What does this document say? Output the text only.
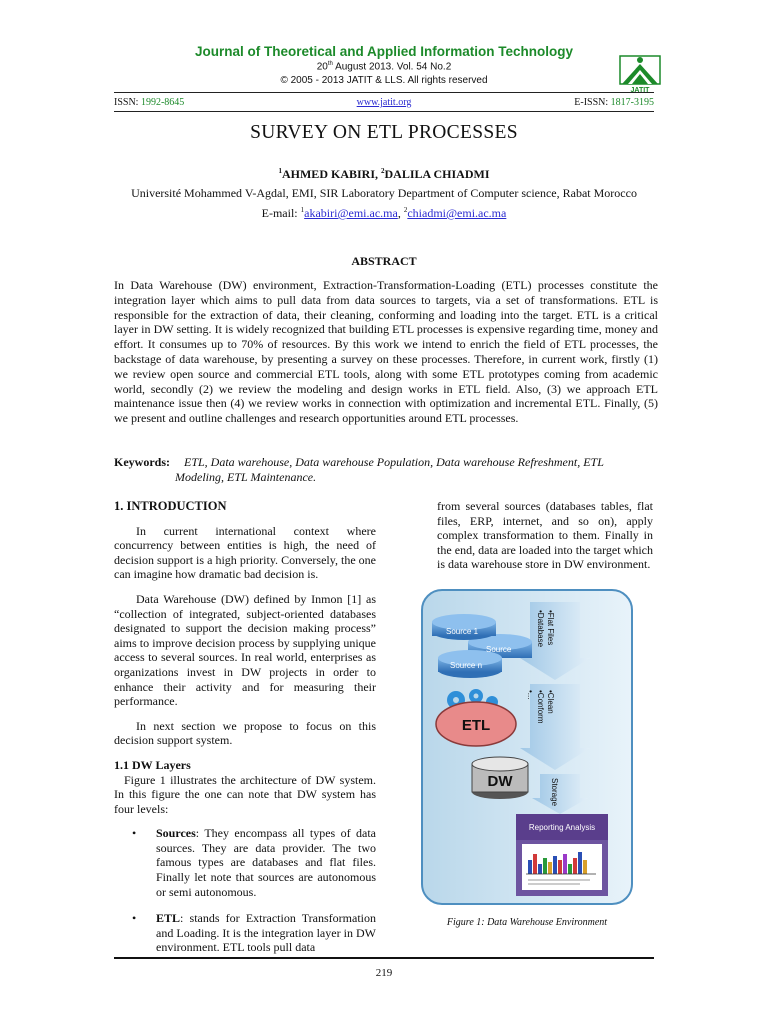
Journal of Theoretical and Applied Information Technology
20th August 2013. Vol. 54 No.2
© 2005 - 2013 JATIT & LLS. All rights reserved
JATIT
ISSN: 1992-8645	www.jatit.org	E-ISSN: 1817-3195
SURVEY ON ETL PROCESSES
$^1$AHMED KABIRI, $^2$DALILA CHIADMI
Université Mohammed V-Agdal, EMI, SIR Laboratory Department of Computer science, Rabat Morocco
E-mail: $^1$akabiri@emi.ac.ma, $^2$chiadmi@emi.ac.ma
ABSTRACT
In Data Warehouse (DW) environment, Extraction-Transformation-Loading (ETL) processes constitute the integration layer which aims to pull data from data sources to targets, via a set of transformations. ETL is responsible for the extraction of data, their cleaning, conforming and loading into the target. ETL is a critical layer in DW setting. It is widely recognized that building ETL processes is expensive regarding time, money and effort. It consumes up to 70% of resources. By this work we intend to enrich the field of ETL processes, the backstage of data warehouse, by presenting a survey on these processes. Therefore, in current work, firstly (1) we review open source and commercial ETL tools, along with some ETL prototypes coming from academic world, secondly (2) we review the modeling and design works in ETL field. Also, (3) we approach ETL maintenance issue then (4) we review works in connection with optimization and incremental ETL. Finally, (5) we present and outline challenges and research opportunities around ETL processes.
Keywords: ETL, Data warehouse, Data warehouse Population, Data warehouse Refreshment, ETL
Modeling, ETL Maintenance.
1. INTRODUCTION

In current international context where concurrency between entities is high, the need of decision support is a high priority. Conversely, the one can imagine how dramatic bad decision is.

Data Warehouse (DW) defined by Inmon [1] as “collection of integrated, subject-oriented databases designated to support the decision making process” aims to improve decision process by supplying unique access to several sources. In real world, enterprises as organizations invest in DW projects in order to enhance their activity and for measuring their performance.

In next section we propose to focus on this decision support system.

1.1 DW Layers

Figure 1 illustrates the architecture of DW system. In this figure the one can note that DW system has four levels:

•	Sources: They encompass all types of data sources. They are data provider. The two famous types are databases and flat files. Finally let note that sources are autonomous or semi autonomous.
•	ETL: stands for Extraction Transformation and Loading. It is the integration layer in DW environment. ETL tools pull data
from several sources (databases tables, flat files, ERP, internet, and so on), apply complex transformation to them. Finally in the end, data are loaded into the target which is data warehouse store in DW environment.
Source 1
Source
Source n
•Flat Files
•Database
•Clean
•Conform
•...
Storage
ETL
DW
Reporting Analysis
Figure 1: Data Warehouse Environment
219
